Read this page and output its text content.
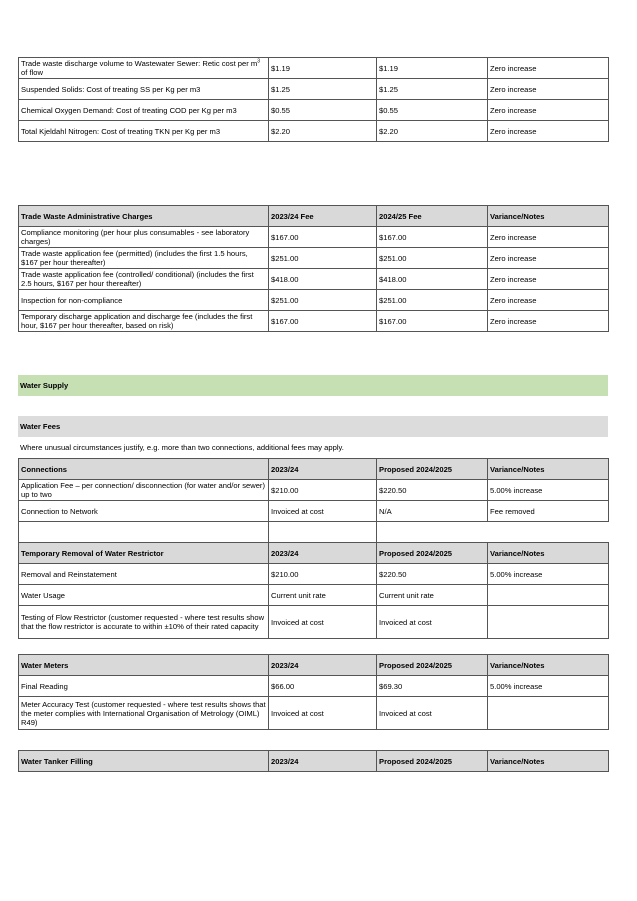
Trade waste discharge volume to Wastewater Sewer: Retic cost per $m^3$ of flow	$1.19	$1.19	Zero increase
Suspended Solids: Cost of treating SS per Kg per m3	$1.25	$1.25	Zero increase
Chemical Oxygen Demand: Cost of treating COD per Kg per m3	$0.55	$0.55	Zero increase
Total Kjeldahl Nitrogen: Cost of treating TKN per Kg per m3	$2.20	$2.20	Zero increase
Trade Waste Administrative Charges	2023/24 Fee	2024/25 Fee	Variance/Notes
Compliance monitoring (per hour plus consumables - see laboratory charges)	$167.00	$167.00	Zero increase
Trade waste application fee (permitted) (includes the first 1.5 hours, $167 per hour thereafter)	$251.00	$251.00	Zero increase
Trade waste application fee (controlled/ conditional) (includes the first 2.5 hours, $167 per hour thereafter)	$418.00	$418.00	Zero increase
Inspection for non-compliance	$251.00	$251.00	Zero increase
Temporary discharge application and discharge fee (includes the first hour, $167 per hour thereafter, based on risk)	$167.00	$167.00	Zero increase
Water Supply
Water Fees
Where unusual circumstances justify, e.g. more than two connections, additional fees may apply.
Connections	2023/24	Proposed 2024/2025	Variance/Notes
Application Fee – per connection/ disconnection (for water and/or sewer) up to two	$210.00	$220.50	5.00% increase
Connection to Network	Invoiced at cost	N/A	Fee removed

Temporary Removal of Water Restrictor	2023/24	Proposed 2024/2025	Variance/Notes
Removal and Reinstatement	$210.00	$220.50	5.00% increase
Water Usage	Current unit rate	Current unit rate	
Testing of Flow Restrictor (customer requested - where test results show that the flow restrictor is accurate to within ±10% of their rated capacity	Invoiced at cost	Invoiced at cost	
Water Meters	2023/24	Proposed 2024/2025	Variance/Notes
Final Reading	$66.00	$69.30	5.00% increase
Meter Accuracy Test (customer requested - where test results shows that the meter complies with International Organisation of Metrology (OIML) R49)	Invoiced at cost	Invoiced at cost	
Water Tanker Filling	2023/24	Proposed 2024/2025	Variance/Notes
